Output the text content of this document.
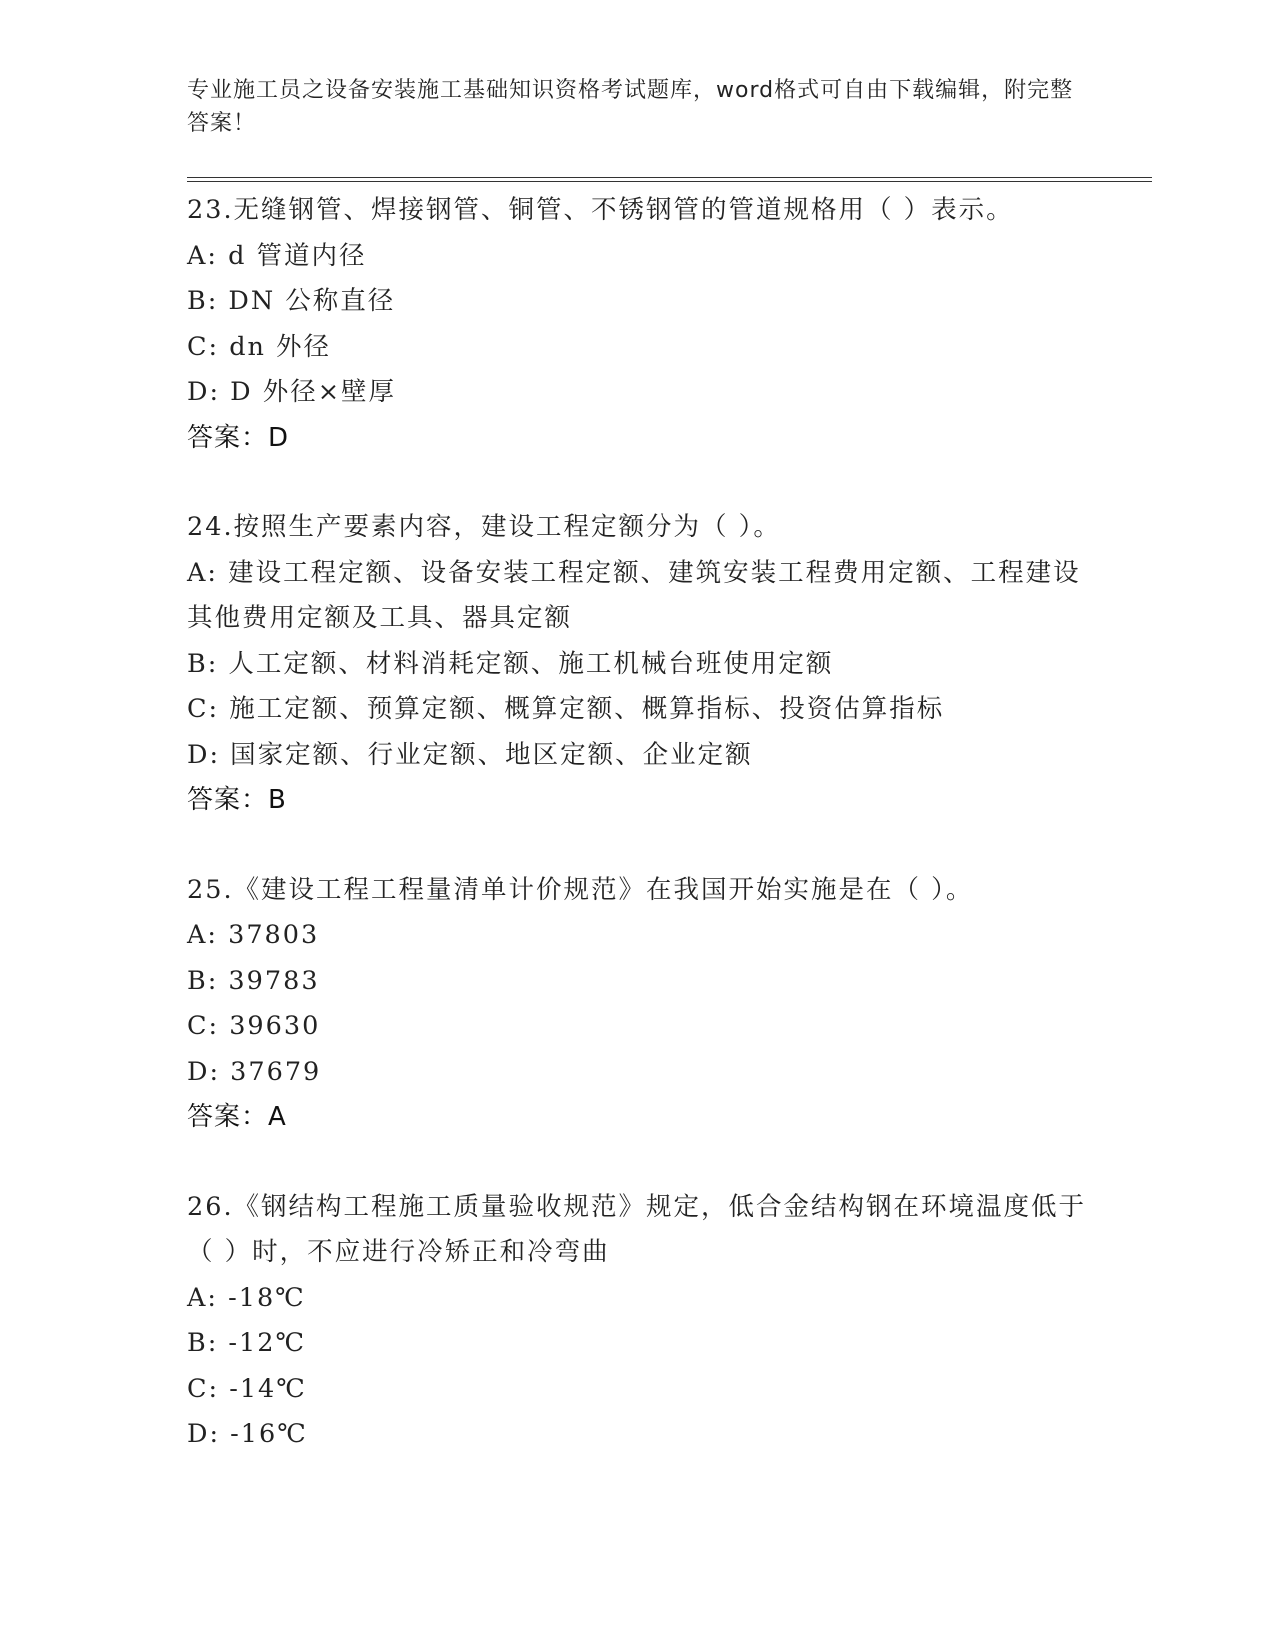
专业施工员之设备安装施工基础知识资格考试题库，word格式可自由下载编辑，附完整答案！
23.无缝钢管、焊接钢管、铜管、不锈钢管的管道规格用（ ）表示。
A: d 管道内径
B: DN 公称直径
C: dn 外径
D: D 外径×壁厚
答案：D
24.按照生产要素内容，建设工程定额分为（ ）。
A: 建设工程定额、设备安装工程定额、建筑安装工程费用定额、工程建设其他费用定额及工具、器具定额
B: 人工定额、材料消耗定额、施工机械台班使用定额
C: 施工定额、预算定额、概算定额、概算指标、投资估算指标
D: 国家定额、行业定额、地区定额、企业定额
答案：B
25.《建设工程工程量清单计价规范》在我国开始实施是在（ ）。
A: 37803
B: 39783
C: 39630
D: 37679
答案：A
26.《钢结构工程施工质量验收规范》规定，低合金结构钢在环境温度低于（ ）时，不应进行冷矫正和冷弯曲
A: -18℃
B: -12℃
C: -14℃
D: -16℃
